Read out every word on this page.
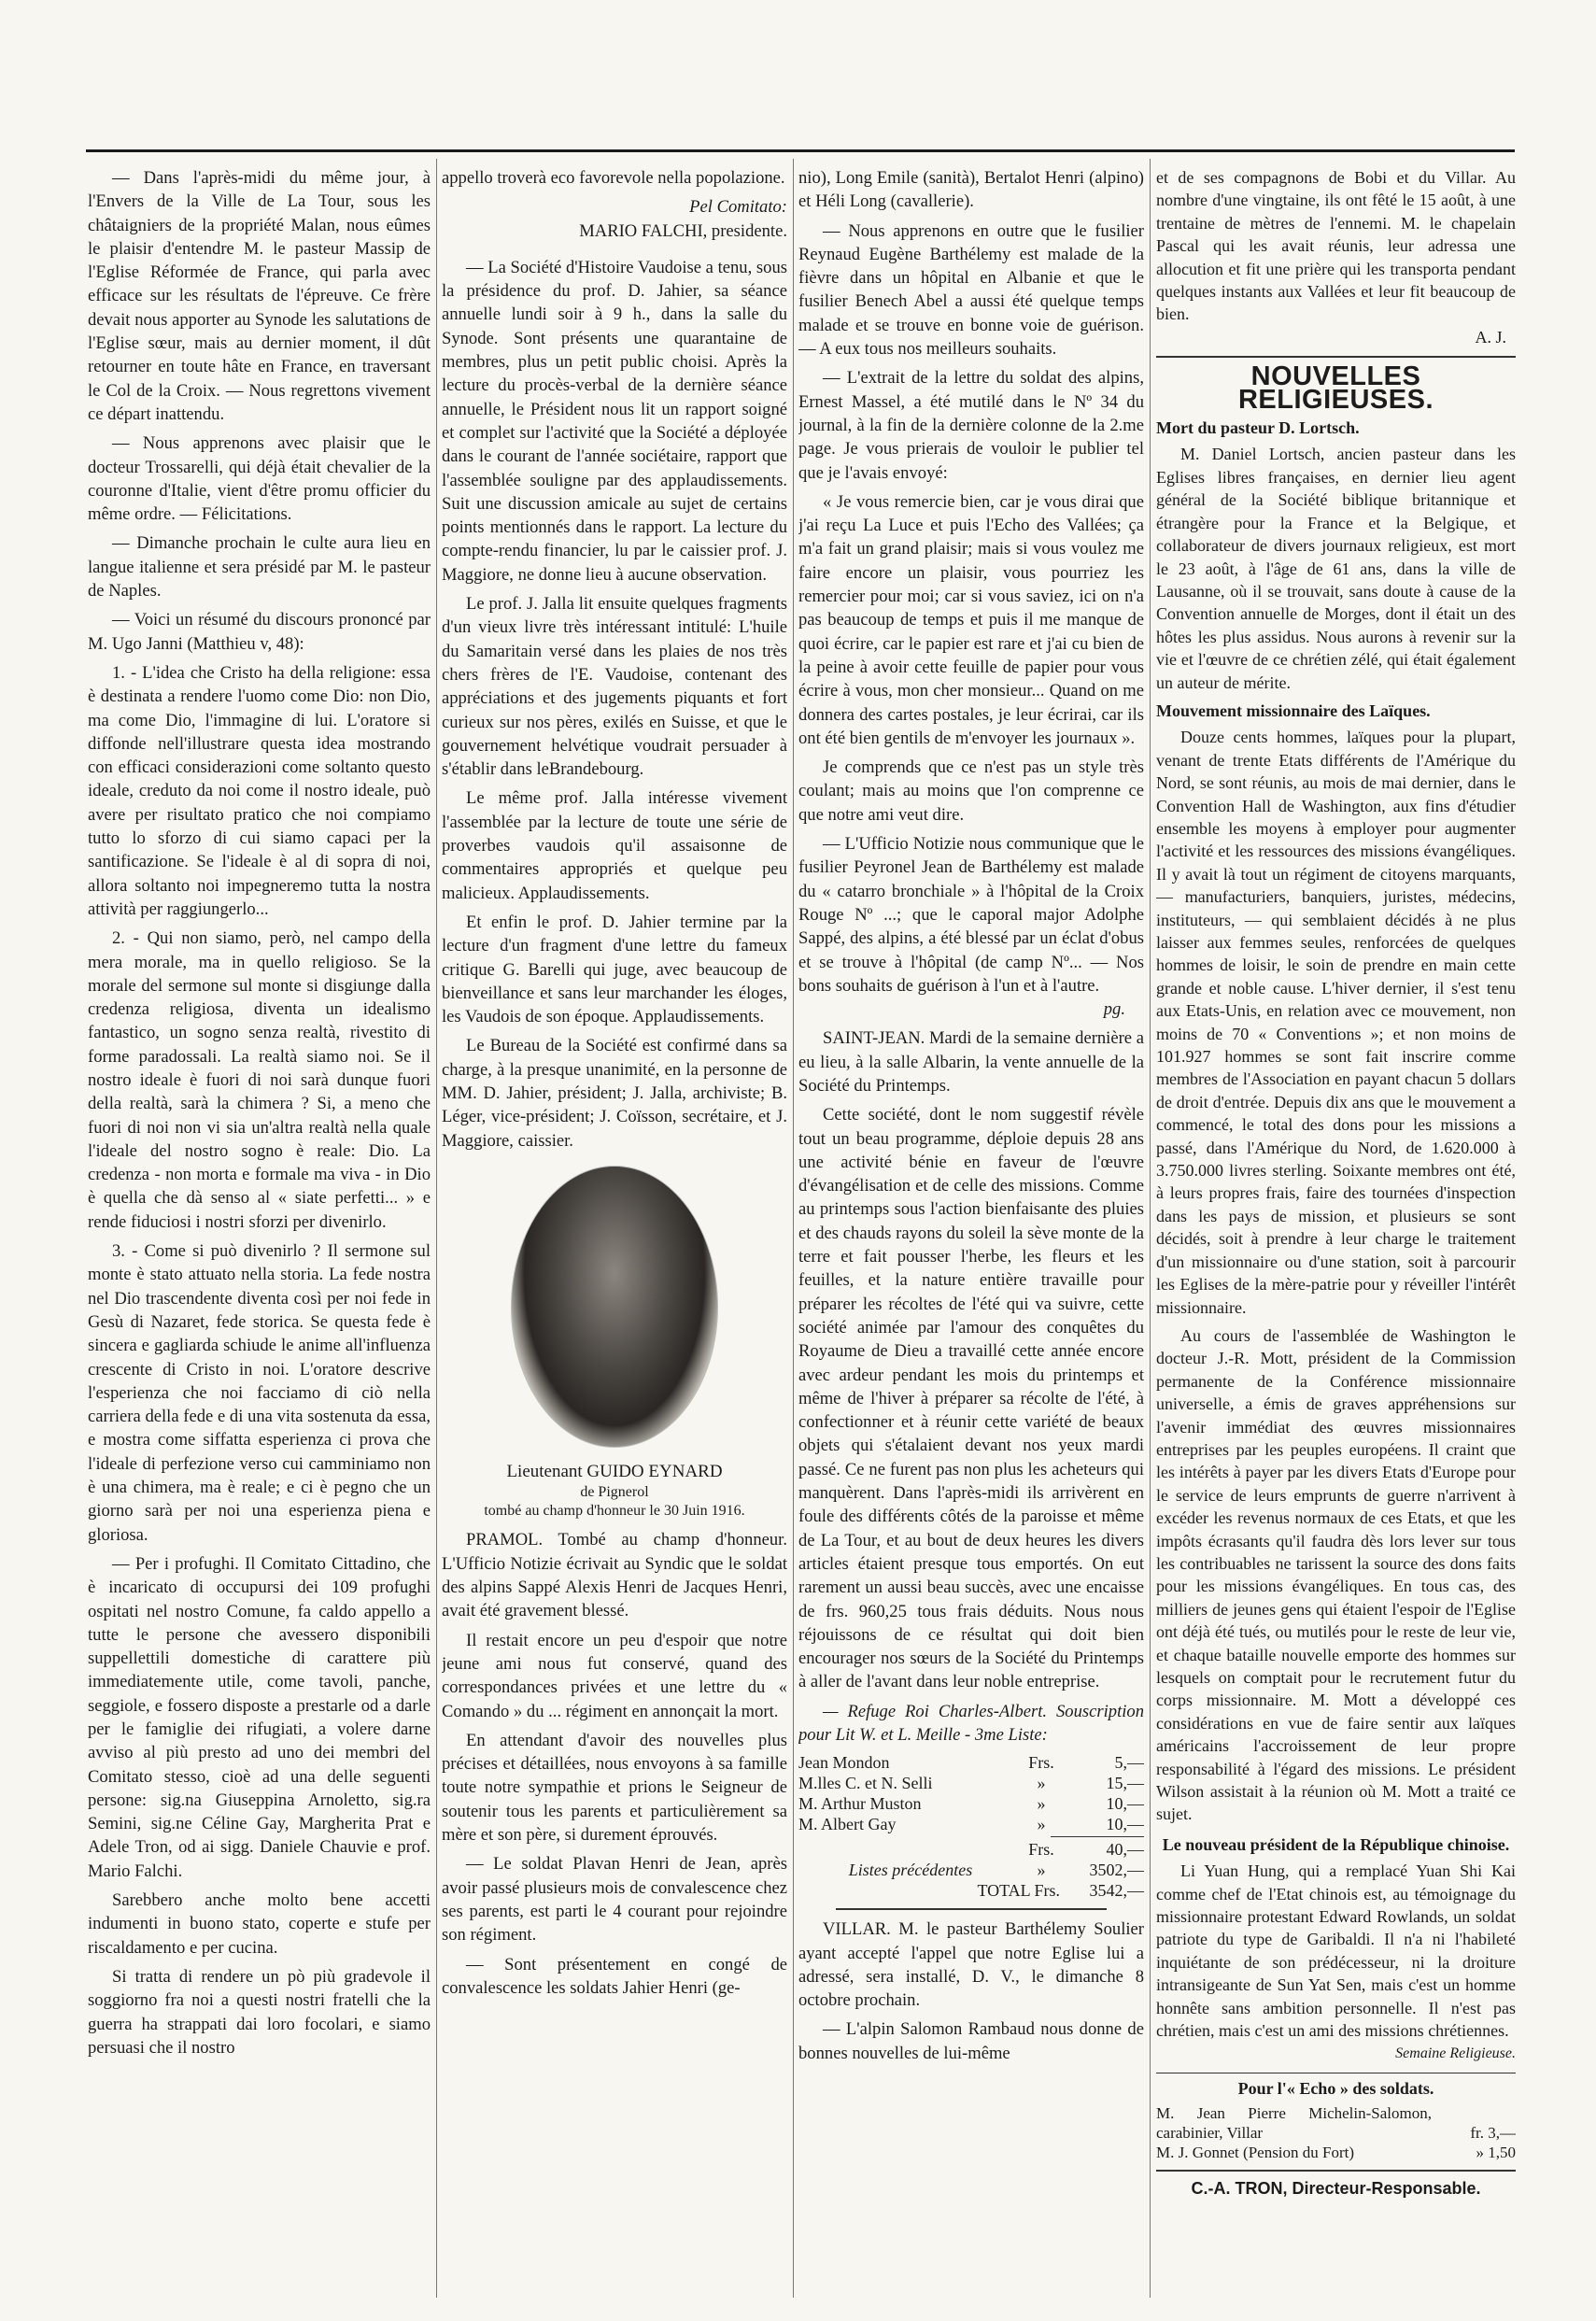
— Dans l'après-midi du même jour, à l'Envers de la Ville de La Tour, sous les châtaigniers de la propriété Malan, nous eûmes le plaisir d'entendre M. le pasteur Massip de l'Eglise Réformée de France, qui parla avec efficace sur les résultats de l'épreuve. Ce frère devait nous apporter au Synode les salutations de l'Eglise sœur, mais au dernier moment, il dût retourner en toute hâte en France, en traversant le Col de la Croix. — Nous regrettons vivement ce départ inattendu.

— Nous apprenons avec plaisir que le docteur Trossarelli, qui déjà était chevalier de la couronne d'Italie, vient d'être promu officier du même ordre. — Félicitations.

— Dimanche prochain le culte aura lieu en langue italienne et sera présidé par M. le pasteur de Naples.

— Voici un résumé du discours prononcé par M. Ugo Janni (Matthieu v, 48):

1. - L'idea che Cristo ha della religione: essa è destinata a rendere l'uomo come Dio: non Dio, ma come Dio, l'immagine di lui. L'oratore si diffonde nell'illustrare questa idea mostrando con efficaci considerazioni come soltanto questo ideale, creduto da noi come il nostro ideale, può avere per risultato pratico che noi compiamo tutto lo sforzo di cui siamo capaci per la santificazione. Se l'ideale è al di sopra di noi, allora soltanto noi impegneremo tutta la nostra attività per raggiungerlo...

2. - Qui non siamo, però, nel campo della mera morale, ma in quello religioso. Se la morale del sermone sul monte si disgiunge dalla credenza religiosa, diventa un idealismo fantastico, un sogno senza realtà, rivestito di forme paradossali. La realtà siamo noi. Se il nostro ideale è fuori di noi sarà dunque fuori della realtà, sarà la chimera ? Si, a meno che fuori di noi non vi sia un'altra realtà nella quale l'ideale del nostro sogno è reale: Dio. La credenza - non morta e formale ma viva - in Dio è quella che dà senso al « siate perfetti... » e rende fiduciosi i nostri sforzi per divenirlo.

3. - Come si può divenirlo ? Il sermone sul monte è stato attuato nella storia. La fede nostra nel Dio trascendente diventa così per noi fede in Gesù di Nazaret, fede storica. Se questa fede è sincera e gagliarda schiude le anime all'influenza crescente di Cristo in noi. L'oratore descrive l'esperienza che noi facciamo di ciò nella carriera della fede e di una vita sostenuta da essa, e mostra come siffatta esperienza ci prova che l'ideale di perfezione verso cui camminiamo non è una chimera, ma è reale; e ci è pegno che un giorno sarà per noi una esperienza piena e gloriosa.

— Per i profughi. Il Comitato Cittadino, che è incaricato di occupursi dei 109 profughi ospitati nel nostro Comune, fa caldo appello a tutte le persone che avessero disponibili suppellettili domestiche di carattere più immediatemente utile, come tavoli, panche, seggiole, e fossero disposte a prestarle od a darle per le famiglie dei rifugiati, a volere darne avviso al più presto ad uno dei membri del Comitato stesso, cioè ad una delle seguenti persone: sig.na Giuseppina Arnoletto, sig.ra Semini, sig.ne Céline Gay, Margherita Prat e Adele Tron, od ai sigg. Daniele Chauvie e prof. Mario Falchi.

Sarebbero anche molto bene accetti indumenti in buono stato, coperte e stufe per riscaldamento e per cucina.

Si tratta di rendere un pò più gradevole il soggiorno fra noi a questi nostri fratelli che la guerra ha strappati dai loro focolari, e siamo persuasi che il nostro

appello troverà eco favorevole nella popolazione.

Pel Comitato:
MARIO FALCHI, presidente.

— La Société d'Histoire Vaudoise a tenu, sous la présidence du prof. D. Jahier, sa séance annuelle lundi soir à 9 h., dans la salle du Synode. Sont présents une quarantaine de membres, plus un petit public choisi. Après la lecture du procès-verbal de la dernière séance annuelle, le Président nous lit un rapport soigné et complet sur l'activité que la Société a déployée dans le courant de l'année sociétaire, rapport que l'assemblée souligne par des applaudissements. Suit une discussion amicale au sujet de certains points mentionnés dans le rapport. La lecture du compte-rendu financier, lu par le caissier prof. J. Maggiore, ne donne lieu à aucune observation.

Le prof. J. Jalla lit ensuite quelques fragments d'un vieux livre très intéressant intitulé: L'huile du Samaritain versé dans les plaies de nos très chers frères de l'E. Vaudoise, contenant des appréciations et des jugements piquants et fort curieux sur nos pères, exilés en Suisse, et que le gouvernement helvétique voudrait persuader à s'établir dans leBrandebourg.

Le même prof. Jalla intéresse vivement l'assemblée par la lecture de toute une série de proverbes vaudois qu'il assaisonne de commentaires appropriés et quelque peu malicieux. Applaudissements.

Et enfin le prof. D. Jahier termine par la lecture d'un fragment d'une lettre du fameux critique G. Barelli qui juge, avec beaucoup de bienveillance et sans leur marchander les éloges, les Vaudois de son époque. Applaudissements.

Le Bureau de la Société est confirmé dans sa charge, à la presque unanimité, en la personne de MM. D. Jahier, président; J. Jalla, archiviste; B. Léger, vice-président; J. Coïsson, secrétaire, et J. Maggiore, caissier.

Lieutenant GUIDO EYNARD
de Pignerol
tombé au champ d'honneur le 30 Juin 1916.

PRAMOL. Tombé au champ d'honneur. L'Ufficio Notizie écrivait au Syndic que le soldat des alpins Sappé Alexis Henri de Jacques Henri, avait été gravement blessé.

Il restait encore un peu d'espoir que notre jeune ami nous fut conservé, quand des correspondances privées et une lettre du « Comando » du ... régiment en annonçait la mort.

En attendant d'avoir des nouvelles plus précises et détaillées, nous envoyons à sa famille toute notre sympathie et prions le Seigneur de soutenir tous les parents et particulièrement sa mère et son père, si durement éprouvés.

— Le soldat Plavan Henri de Jean, après avoir passé plusieurs mois de convalescence chez ses parents, est parti le 4 courant pour rejoindre son régiment.

— Sont présentement en congé de convalescence les soldats Jahier Henri (ge-

nio), Long Emile (sanità), Bertalot Henri (alpino) et Héli Long (cavallerie).

— Nous apprenons en outre que le fusilier Reynaud Eugène Barthélemy est malade de la fièvre dans un hôpital en Albanie et que le fusilier Benech Abel a aussi été quelque temps malade et se trouve en bonne voie de guérison. — A eux tous nos meilleurs souhaits.

— L'extrait de la lettre du soldat des alpins, Ernest Massel, a été mutilé dans le Nº 34 du journal, à la fin de la dernière colonne de la 2.me page. Je vous prierais de vouloir le publier tel que je l'avais envoyé:

« Je vous remercie bien, car je vous dirai que j'ai reçu La Luce et puis l'Echo des Vallées; ça m'a fait un grand plaisir; mais si vous voulez me faire encore un plaisir, vous pourriez les remercier pour moi; car si vous saviez, ici on n'a pas beaucoup de temps et puis il me manque de quoi écrire, car le papier est rare et j'ai cu bien de la peine à avoir cette feuille de papier pour vous écrire à vous, mon cher monsieur... Quand on me donnera des cartes postales, je leur écrirai, car ils ont été bien gentils de m'envoyer les journaux ».

Je comprends que ce n'est pas un style très coulant; mais au moins que l'on comprenne ce que notre ami veut dire.

— L'Ufficio Notizie nous communique que le fusilier Peyronel Jean de Barthélemy est malade du « catarro bronchiale » à l'hôpital de la Croix Rouge Nº ...; que le caporal major Adolphe Sappé, des alpins, a été blessé par un éclat d'obus et se trouve à l'hôpital (de camp Nº... — Nos bons souhaits de guérison à l'un et à l'autre.

pg.

SAINT-JEAN. Mardi de la semaine dernière a eu lieu, à la salle Albarin, la vente annuelle de la Société du Printemps.

Cette société, dont le nom suggestif révèle tout un beau programme, déploie depuis 28 ans une activité bénie en faveur de l'œuvre d'évangélisation et de celle des missions. Comme au printemps sous l'action bienfaisante des pluies et des chauds rayons du soleil la sève monte de la terre et fait pousser l'herbe, les fleurs et les feuilles, et la nature entière travaille pour préparer les récoltes de l'été qui va suivre, cette société animée par l'amour des conquêtes du Royaume de Dieu a travaillé cette année encore avec ardeur pendant les mois du printemps et même de l'hiver à préparer sa récolte de l'été, à confectionner et à réunir cette variété de beaux objets qui s'étalaient devant nos yeux mardi passé. Ce ne furent pas non plus les acheteurs qui manquèrent. Dans l'après-midi ils arrivèrent en foule des différents côtés de la paroisse et même de La Tour, et au bout de deux heures les divers articles étaient presque tous emportés. On eut rarement un aussi beau succès, avec une encaisse de frs. 960,25 tous frais déduits. Nous nous réjouissons de ce résultat qui doit bien encourager nos sœurs de la Société du Printemps à aller de l'avant dans leur noble entreprise.

— Refuge Roi Charles-Albert. Souscription pour Lit W. et L. Meille - 3me Liste:

Jean Mondon	Frs.	5,—
M.lles C. et N. Selli	»	15,—
M. Arthur Muston	»	10,—
M. Albert Gay	»	10,—
	Frs.	40,—
Listes précédentes	»	3502,—
TOTAL Frs.		3542,—

VILLAR. M. le pasteur Barthélemy Soulier ayant accepté l'appel que notre Eglise lui a adressé, sera installé, D. V., le dimanche 8 octobre prochain.

— L'alpin Salomon Rambaud nous donne de bonnes nouvelles de lui-même

et de ses compagnons de Bobi et du Villar. Au nombre d'une vingtaine, ils ont fêté le 15 août, à une trentaine de mètres de l'ennemi. M. le chapelain Pascal qui les avait réunis, leur adressa une allocution et fit une prière qui les transporta pendant quelques instants aux Vallées et leur fit beaucoup de bien.

A. J.
NOUVELLES RELIGIEUSES.
Mort du pasteur D. Lortsch.

M. Daniel Lortsch, ancien pasteur dans les Eglises libres françaises, en dernier lieu agent général de la Société biblique britannique et étrangère pour la France et la Belgique, et collaborateur de divers journaux religieux, est mort le 23 août, à l'âge de 61 ans, dans la ville de Lausanne, où il se trouvait, sans doute à cause de la Convention annuelle de Morges, dont il était un des hôtes les plus assidus. Nous aurons à revenir sur la vie et l'œuvre de ce chrétien zélé, qui était également un auteur de mérite.

Mouvement missionnaire des Laïques.

Douze cents hommes, laïques pour la plupart, venant de trente Etats différents de l'Amérique du Nord, se sont réunis, au mois de mai dernier, dans le Convention Hall de Washington, aux fins d'étudier ensemble les moyens à employer pour augmenter l'activité et les ressources des missions évangéliques. Il y avait là tout un régiment de citoyens marquants, — manufacturiers, banquiers, juristes, médecins, instituteurs, — qui semblaient décidés à ne plus laisser aux femmes seules, renforcées de quelques hommes de loisir, le soin de prendre en main cette grande et noble cause. L'hiver dernier, il s'est tenu aux Etats-Unis, en relation avec ce mouvement, non moins de 70 « Conventions »; et non moins de 101.927 hommes se sont fait inscrire comme membres de l'Association en payant chacun 5 dollars de droit d'entrée. Depuis dix ans que le mouvement a commencé, le total des dons pour les missions a passé, dans l'Amérique du Nord, de 1.620.000 à 3.750.000 livres sterling. Soixante membres ont été, à leurs propres frais, faire des tournées d'inspection dans les pays de mission, et plusieurs se sont décidés, soit à prendre à leur charge le traitement d'un missionnaire ou d'une station, soit à parcourir les Eglises de la mère-patrie pour y réveiller l'intérêt missionnaire.

Au cours de l'assemblée de Washington le docteur J.-R. Mott, président de la Commission permanente de la Conférence missionnaire universelle, a émis de graves appréhensions sur l'avenir immédiat des œuvres missionnaires entreprises par les peuples européens. Il craint que les intérêts à payer par les divers Etats d'Europe pour le service de leurs emprunts de guerre n'arrivent à excéder les revenus normaux de ces Etats, et que les impôts écrasants qu'il faudra dès lors lever sur tous les contribuables ne tarissent la source des dons faits pour les missions évangéliques. En tous cas, des milliers de jeunes gens qui étaient l'espoir de l'Eglise ont déjà été tués, ou mutilés pour le reste de leur vie, et chaque bataille nouvelle emporte des hommes sur lesquels on comptait pour le recrutement futur du corps missionnaire. M. Mott a développé ces considérations en vue de faire sentir aux laïques américains l'accroissement de leur propre responsabilité à l'égard des missions. Le président Wilson assistait à la réunion où M. Mott a traité ce sujet.

Le nouveau président de la République chinoise.

Li Yuan Hung, qui a remplacé Yuan Shi Kai comme chef de l'Etat chinois est, au témoignage du missionnaire protestant Edward Rowlands, un soldat patriote du type de Garibaldi. Il n'a ni l'habileté inquiétante de son prédécesseur, ni la droiture intransigeante de Sun Yat Sen, mais c'est un homme honnête sans ambition personnelle. Il n'est pas chrétien, mais c'est un ami des missions chrétiennes.

Semaine Religieuse.
Pour l'« Echo » des soldats.
M. Jean Pierre Michelin-Salomon, carabinier, Villar	fr. 3,—
M. J. Gonnet (Pension du Fort)	» 1,50
C.-A. TRON, Directeur-Responsable.
